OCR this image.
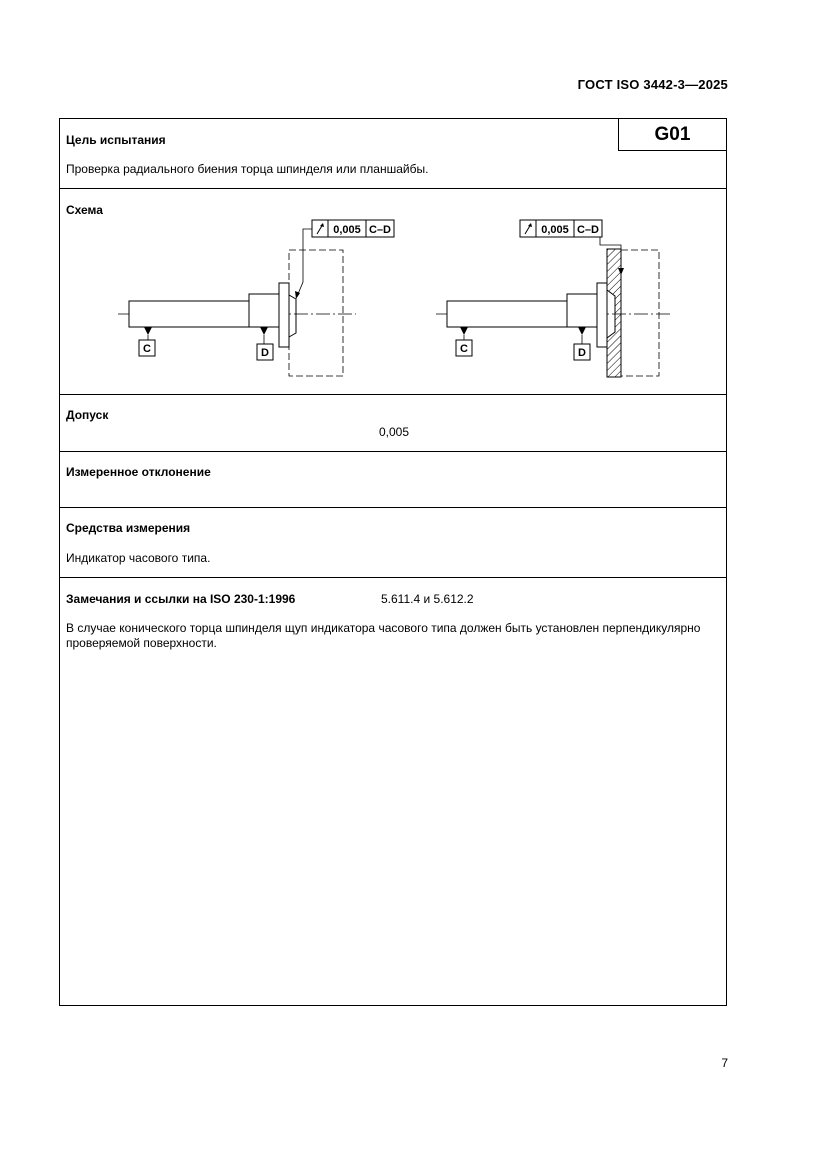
ГОСТ ISO 3442-3—2025
Цель испытания	G01
Проверка радиального биения торца шпинделя или планшайбы.
Схема
0,005 C–D
C	D
0,005 C–D
C	D
Допуск
0,005
Измеренное отклонение
Средства измерения
Индикатор часового типа.
Замечания и ссылки на ISO 230-1:1996	5.611.4 и 5.612.2
В случае конического торца шпинделя щуп индикатора часового типа должен быть установлен перпендикулярно проверяемой поверхности.
7
